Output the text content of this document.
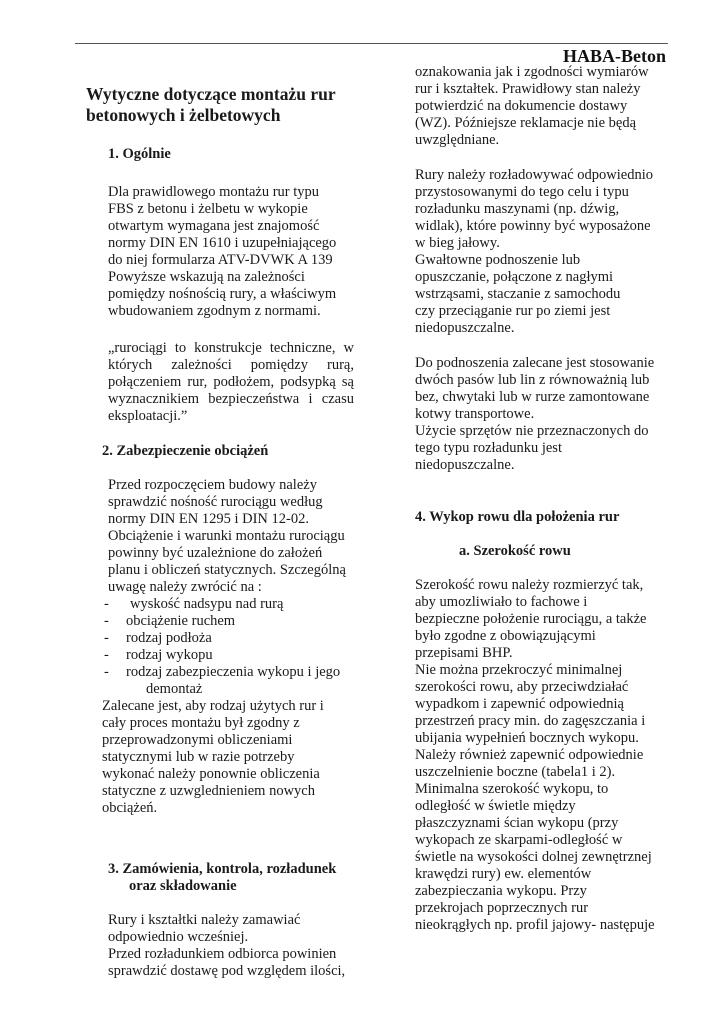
HABA-Beton
Wytyczne dotyczące montażu rur
betonowych i żelbetowych
1. Ogólnie
Dla prawidlowego montażu rur typu
FBS z betonu i żelbetu w wykopie
otwartym wymagana jest znajomość
normy DIN EN 1610 i uzupełniającego
do niej formularza ATV-DVWK A 139
Powyższe wskazują na zależności
pomiędzy nośnością rury, a właściwym
wbudowaniem zgodnym z normami.
„rurociągi to konstrukcje techniczne, w których zależności pomiędzy rurą, połączeniem rur, podłożem, podsypką są wyznacznikiem bezpieczeństwa i czasu eksploatacji.”
2. Zabezpieczenie obciążeń
Przed rozpoczęciem budowy należy
sprawdzić nośność rurociągu według
normy DIN EN 1295 i DIN 12-02.
Obciążenie i warunki montażu rurociągu
powinny być uzależnione do założeń
planu i obliczeń statycznych. Szczególną
uwagę należy zwrócić na :
-	wyskość nadsypu nad rurą
-	obciążenie ruchem
-	rodzaj podłoża
-	rodzaj wykopu
-	rodzaj zabezpieczenia wykopu i jego
demontaż
Zalecane jest, aby rodzaj użytych rur i
cały proces montażu był zgodny z
przeprowadzonymi obliczeniami
statycznymi lub w razie potrzeby
wykonać należy ponownie obliczenia
statyczne z uzwgl​ednieniem nowych
obciążeń.
3. Zamówienia, kontrola, rozładunek
oraz składowanie
Rury i kształtki należy zamawiać
odpowiednio wcześniej.
Przed rozładunkiem odbiorca powinien
sprawdzić dostawę pod względem ilości,
oznakowania jak i zgodności wymiarów
rur i kształtek. Prawidłowy stan należy
potwierdzić na dokumencie dostawy
(WZ). Późniejsze reklamacje nie będą
uwzględniane.
Rury należy rozładowywać odpowiednio
przystosowanymi do tego celu i typu
rozładunku maszynami (np. dźwig,
widlak), które powinny być wyposażone
w bieg jałowy.
Gwałtowne podnoszenie lub
opuszczanie, połączone z nagłymi
wstrząsami, staczanie z samochodu
czy przeciąganie rur po ziemi jest
niedopuszczalne.
Do podnoszenia zalecane jest stosowanie
dwóch pasów lub lin z równoważnią lub
bez, chwytaki lub w rurze zamontowane
kotwy transportowe.
Użycie sprzętów nie przeznaczonych do
tego typu rozładunku jest
niedopuszczalne.
4. Wykop rowu dla położenia rur
a. Szerokość rowu
Szerokość rowu należy rozmierzyć tak,
aby umozliwiało to fachowe i
bezpieczne położenie rurociągu, a także
było zgodne z obowiązującymi
przepisami BHP.
Nie można przekroczyć minimalnej
szerokości rowu, aby przeciwdziałać
wypadkom i zapewnić odpowiednią
przestrzeń pracy min. do zagęszczania i
ubijania wypełnień bocznych wykopu.
Należy również zapewnić odpowiednie
uszczelnienie boczne (tabela1 i 2).
Minimalna szerokość wykopu, to
odległość w świetle między
płaszczyznami ścian wykopu (przy
wykopach ze skarpami-odległość w
świetle na wysokości dolnej zewnętrznej
krawędzi rury) ew. elementów
zabezpieczania wykopu. Przy
przekrojach poprzecznych rur
nieokrągłych np. profil jajowy- następuje
